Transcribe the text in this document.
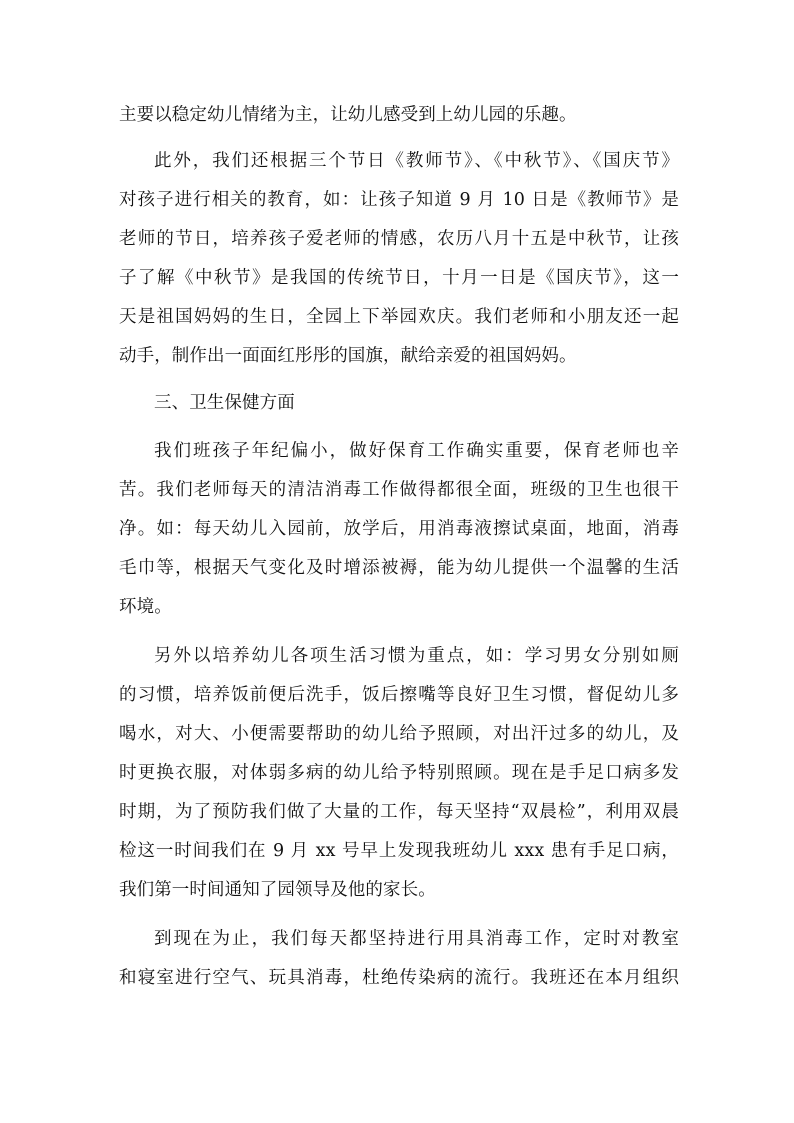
主要以稳定幼儿情绪为主，让幼儿感受到上幼儿园的乐趣。
此外，我们还根据三个节日《教师节》、《中秋节》、《国庆节》
对孩子进行相关的教育，如：让孩子知道 9 月 10 日是《教师节》是
老师的节日，培养孩子爱老师的情感，农历八月十五是中秋节，让孩
子了解《中秋节》是我国的传统节日，十月一日是《国庆节》，这一
天是祖国妈妈的生日，全园上下举园欢庆。我们老师和小朋友还一起
动手，制作出一面面红彤彤的国旗，献给亲爱的祖国妈妈。
三、卫生保健方面
我们班孩子年纪偏小，做好保育工作确实重要，保育老师也辛
苦。我们老师每天的清洁消毒工作做得都很全面，班级的卫生也很干
净。如：每天幼儿入园前，放学后，用消毒液擦试桌面，地面，消毒
毛巾等，根据天气变化及时增添被褥，能为幼儿提供一个温馨的生活
环境。
另外以培养幼儿各项生活习惯为重点，如：学习男女分别如厕
的习惯，培养饭前便后洗手，饭后擦嘴等良好卫生习惯，督促幼儿多
喝水，对大、小便需要帮助的幼儿给予照顾，对出汗过多的幼儿，及
时更换衣服，对体弱多病的幼儿给予特别照顾。现在是手足口病多发
时期，为了预防我们做了大量的工作，每天坚持“双晨检”，利用双晨
检这一时间我们在 9 月 xx 号早上发现我班幼儿 xxx 患有手足口病，
我们第一时间通知了园领导及他的家长。
到现在为止，我们每天都坚持进行用具消毒工作，定时对教室
和寝室进行空气、玩具消毒，杜绝传染病的流行。我班还在本月组织
